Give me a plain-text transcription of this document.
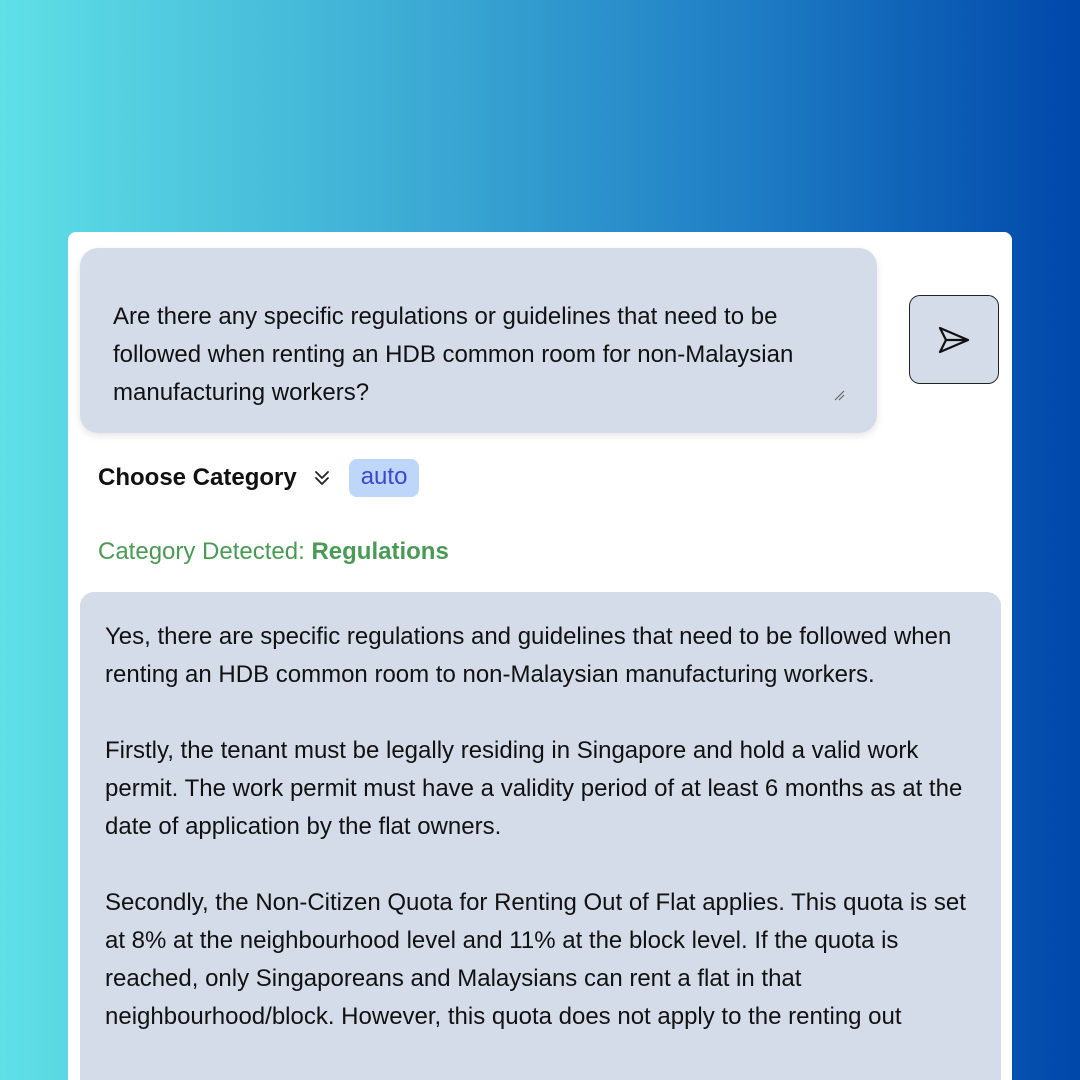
Are there any specific regulations or guidelines that need to be followed when renting an HDB common room for non-Malaysian manufacturing workers?

Choose Category	auto
Category Detected: Regulations

Yes, there are specific regulations and guidelines that need to be followed when renting an HDB common room to non-Malaysian manufacturing workers.

Firstly, the tenant must be legally residing in Singapore and hold a valid work permit. The work permit must have a validity period of at least 6 months as at the date of application by the flat owners.

Secondly, the Non-Citizen Quota for Renting Out of Flat applies. This quota is set at 8% at the neighbourhood level and 11% at the block level. If the quota is reached, only Singaporeans and Malaysians can rent a flat in that neighbourhood/block. However, this quota does not apply to the renting out
